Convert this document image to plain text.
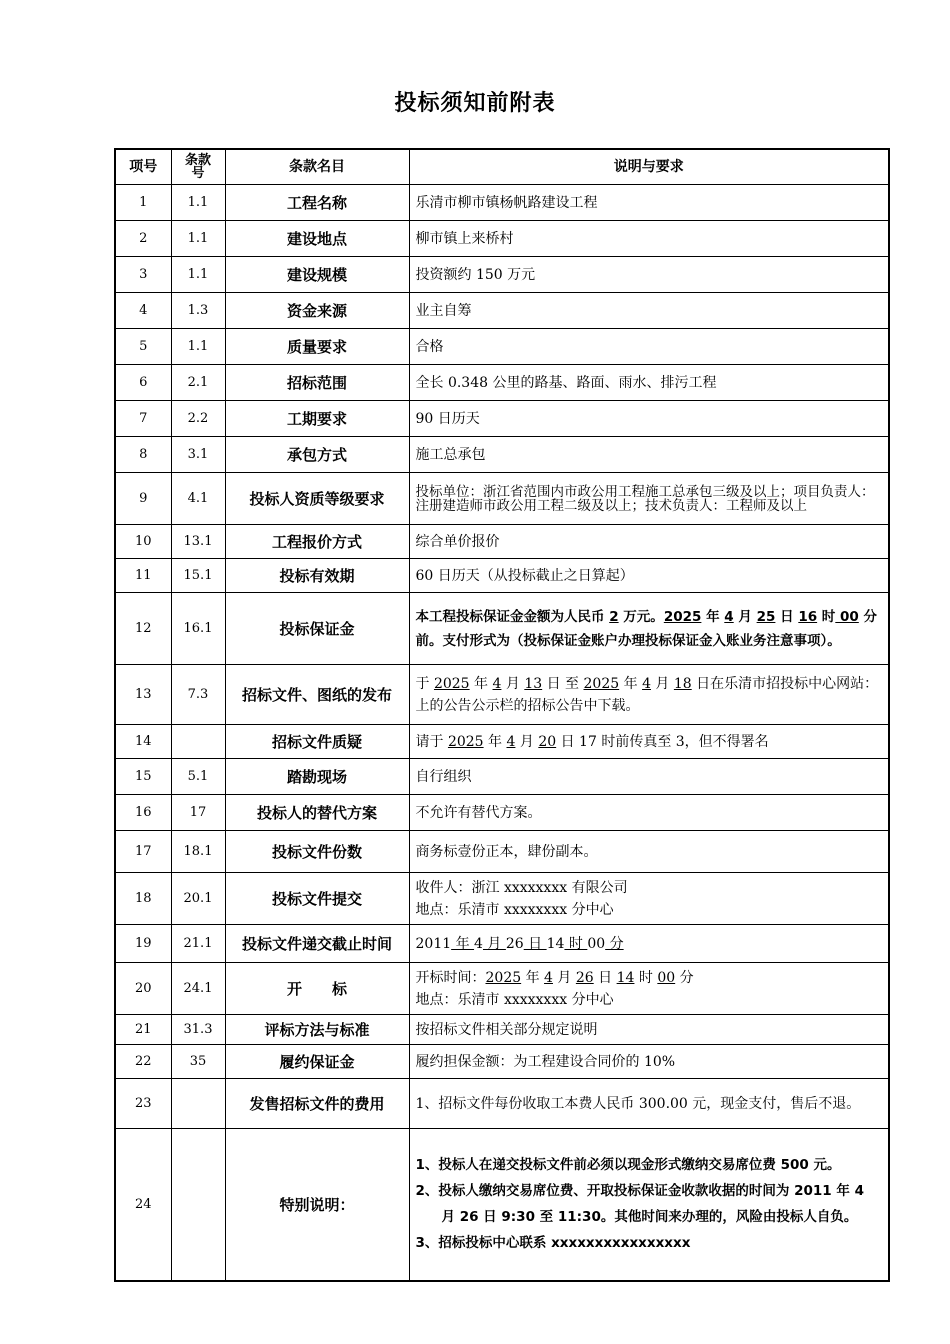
投标须知前附表
项号	条款号	条款名目	说明与要求
1	1.1	工程名称	乐清市柳市镇杨帆路建设工程
2	1.1	建设地点	柳市镇上来桥村
3	1.1	建设规模	投资额约 150 万元
4	1.3	资金来源	业主自筹
5	1.1	质量要求	合格
6	2.1	招标范围	全长 0.348 公里的路基、路面、雨水、排污工程
7	2.2	工期要求	90 日历天
8	3.1	承包方式	施工总承包
9	4.1	投标人资质等级要求	投标单位：浙江省范围内市政公用工程施工总承包三级及以上；项目负责人：注册建造师市政公用工程二级及以上；技术负责人：工程师及以上
10	13.1	工程报价方式	综合单价报价
11	15.1	投标有效期	60 日历天（从投标截止之日算起）
12	16.1	投标保证金	本工程投标保证金金额为人民币 2 万元。2025 年 4 月 25 日 16 时 00 分前。支付形式为（投标保证金账户办理投标保证金入账业务注意事项）。
13	7.3	招标文件、图纸的发布	于 2025 年 4 月 13 日 至 2025 年 4 月 18 日在乐清市招投标中心网站：上的公告公示栏的招标公告中下载。
14		招标文件质疑	请于 2025 年 4 月 20 日 17 时前传真至 3，但不得署名
15	5.1	踏勘现场	自行组织
16	17	投标人的替代方案	不允许有替代方案。
17	18.1	投标文件份数	商务标壹份正本，肆份副本。
18	20.1	投标文件提交	收件人：浙江 xxxxxxxx 有限公司
地点：乐清市 xxxxxxxx 分中心
19	21.1	投标文件递交截止时间	2011 年 4 月 26 日 14 时 00 分
20	24.1	开　　标	开标时间：2025 年 4 月 26 日 14 时 00 分
地点：乐清市 xxxxxxxx 分中心
21	31.3	评标方法与标准	按招标文件相关部分规定说明
22	35	履约保证金	履约担保金额：为工程建设合同价的 10%
23		发售招标文件的费用	1、招标文件每份收取工本费人民币 300.00 元，现金支付，售后不退。
24		特别说明：	1、投标人在递交投标文件前必须以现金形式缴纳交易席位费 500 元。
2、投标人缴纳交易席位费、开取投标保证金收款收据的时间为 2011 年 4 月 26 日 9:30 至 11:30。其他时间来办理的，风险由投标人自负。
3、招标投标中心联系 xxxxxxxxxxxxxxxx
